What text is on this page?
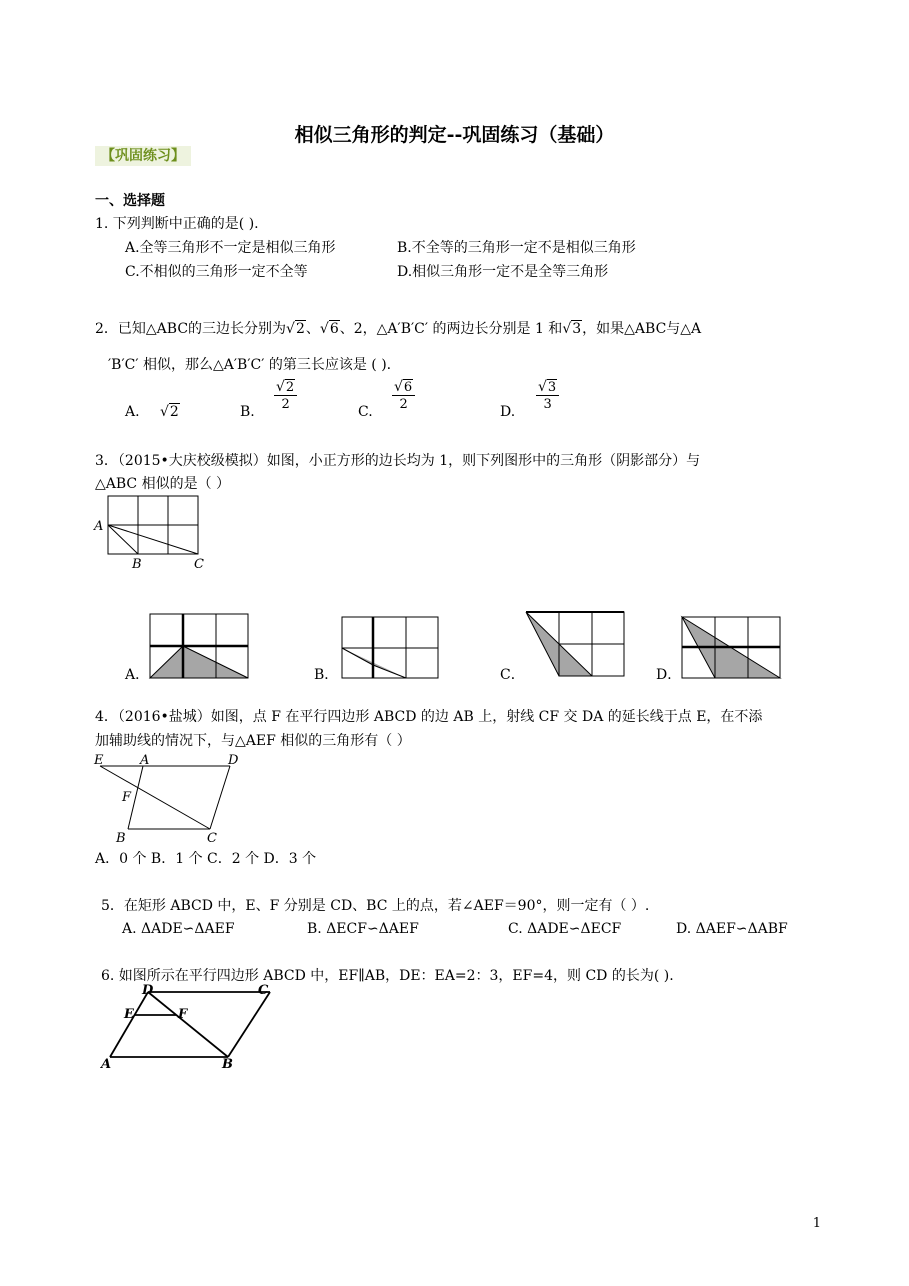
相似三角形的判定--巩固练习（基础）
【巩固练习】
一、选择题
1. 下列判断中正确的是( ).
A.全等三角形不一定是相似三角形	B.不全等的三角形一定不是相似三角形
C.不相似的三角形一定不全等	D.相似三角形一定不是全等三角形
2．已知△ABC的三边长分别为√2、√6、2，△A′B′C′ 的两边长分别是 1 和√3，如果△ABC与△A
′B′C′ 相似，那么△A′B′C′ 的第三长应该是 ( ).
A. √2	B. $\frac{√2}{2}$	C. $\frac{√6}{2}$	D. $\frac{√3}{3}$
3．（2015•大庆校级模拟）如图，小正方形的边长均为 1，则下列图形中的三角形（阴影部分）与
△ABC 相似的是（ ）
A
B	C
A．	B．	C．	D．
4．（2016•盐城）如图，点 F 在平行四边形 ABCD 的边 AB 上，射线 CF 交 DA 的延长线于点 E，在不添
加辅助线的情况下，与△AEF 相似的三角形有（ ）
E	A	D
F
B	C
A．0 个 B．1 个 C．2 个 D．3 个
5．在矩形 ABCD 中，E、F 分别是 CD、BC 上的点，若∠AEF＝90°，则一定有（ ）.
A. ΔADE∽ΔAEF	B. ΔECF∽ΔAEF	C. ΔADE∽ΔECF	D. ΔAEF∽ΔABF
6. 如图所示在平行四边形 ABCD 中，EF∥AB，DE：EA=2：3，EF=4，则 CD 的长为( ).
D	C
E	F
A	B
1
